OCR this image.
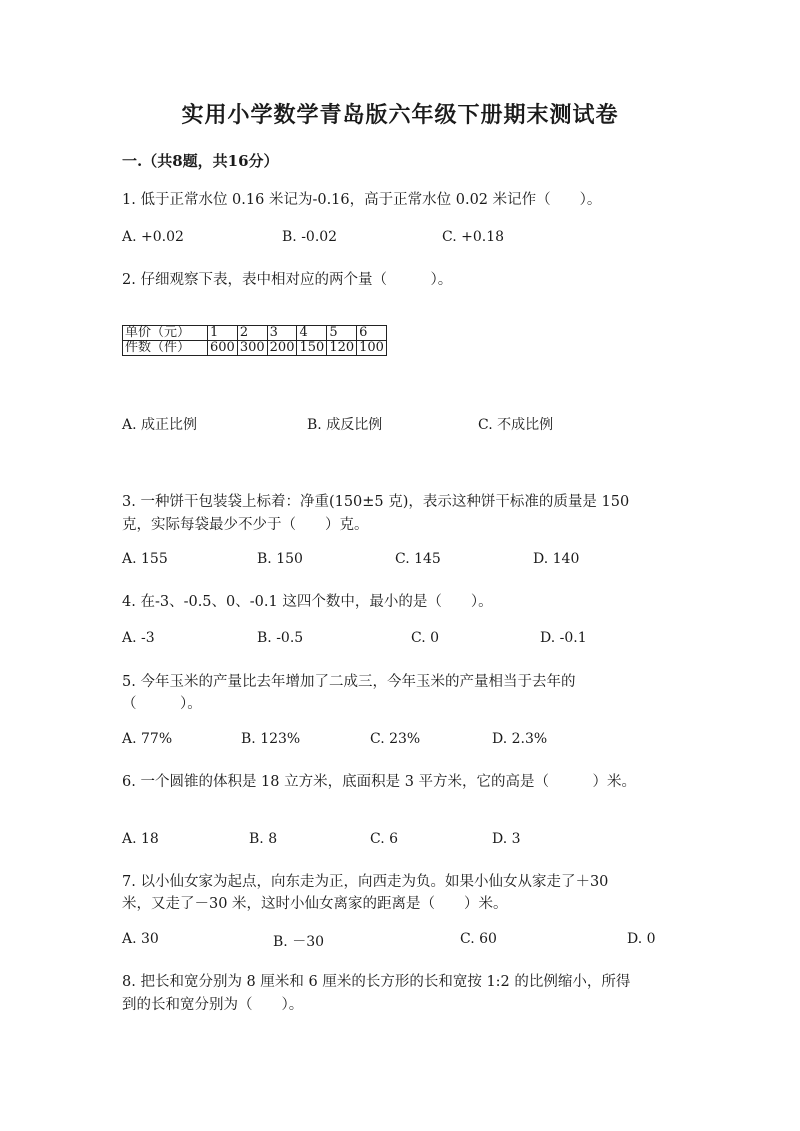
实用小学数学青岛版六年级下册期末测试卷
一.（共8题，共16分）
1. 低于正常水位 0.16 米记为-0.16，高于正常水位 0.02 米记作（　　）。
A. +0.02	B. -0.02	C. +0.18
2. 仔细观察下表，表中相对应的两个量（　　　）。
单价（元）	1	2	3	4	5	6
件数（件）	600	300	200	150	120	100
A. 成正比例	B. 成反比例	C. 不成比例
3. 一种饼干包装袋上标着：净重(150±5 克)，表示这种饼干标准的质量是 150
克，实际每袋最少不少于（　　）克。
A. 155	B. 150	C. 145	D. 140
4. 在-3、-0.5、0、-0.1 这四个数中，最小的是（　　）。
A. -3	B. -0.5	C. 0	D. -0.1
5. 今年玉米的产量比去年增加了二成三，今年玉米的产量相当于去年的
（　　　）。
A. 77%	B. 123%	C. 23%	D. 2.3%
6. 一个圆锥的体积是 18 立方米，底面积是 3 平方米，它的高是（　　　）米。
A. 18	B. 8	C. 6	D. 3
7. 以小仙女家为起点，向东走为正，向西走为负。如果小仙女从家走了＋30
米，又走了－30 米，这时小仙女离家的距离是（　　）米。
A. 30	B. －30	C. 60	D. 0
8. 把长和宽分别为 8 厘米和 6 厘米的长方形的长和宽按 1:2 的比例缩小，所得
到的长和宽分别为（　　）。
